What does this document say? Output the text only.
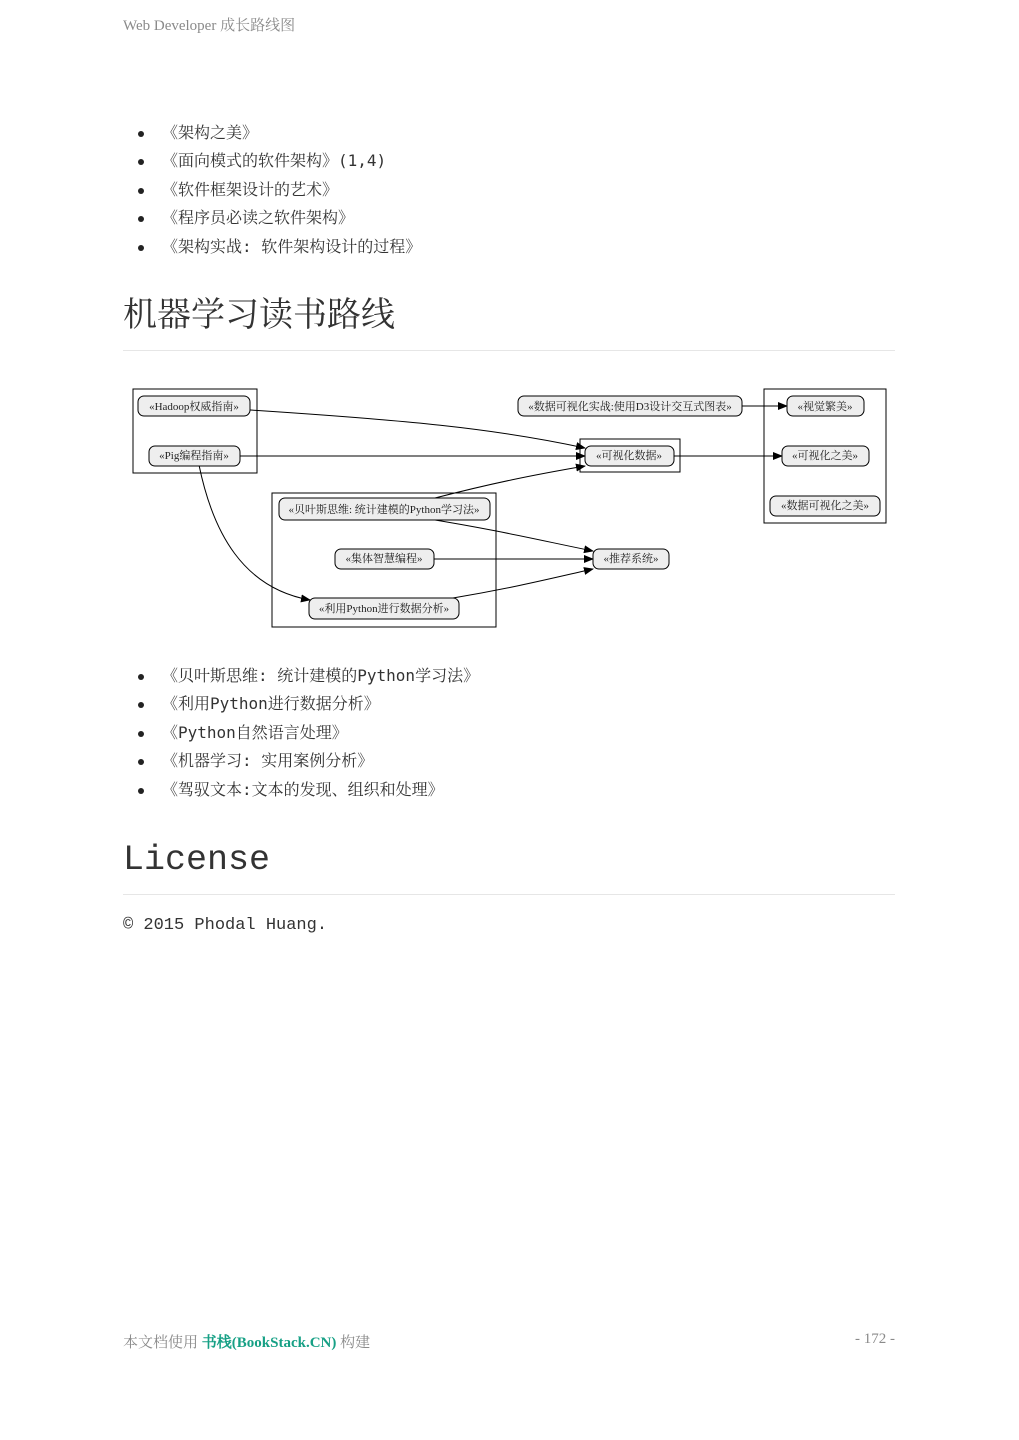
Web Developer 成长路线图
《架构之美》
《面向模式的软件架构》(1,4)
《软件框架设计的艺术》
《程序员必读之软件架构》
《架构实战: 软件架构设计的过程》
机器学习读书路线
«Hadoop权威指南»
«Pig编程指南»
«数据可视化实战:使用D3设计交互式图表»	«视觉繁美»
«可视化数据»	«可视化之美»
«数据可视化之美»
«贝叶斯思维: 统计建模的Python学习法»
«集体智慧编程»	«推荐系统»
«利用Python进行数据分析»
《贝叶斯思维: 统计建模的Python学习法》
《利用Python进行数据分析》
《Python自然语言处理》
《机器学习: 实用案例分析》
《驾驭文本:文本的发现、组织和处理》
License
© 2015 Phodal Huang.
本文档使用 书栈(BookStack.CN) 构建	- 172 -
